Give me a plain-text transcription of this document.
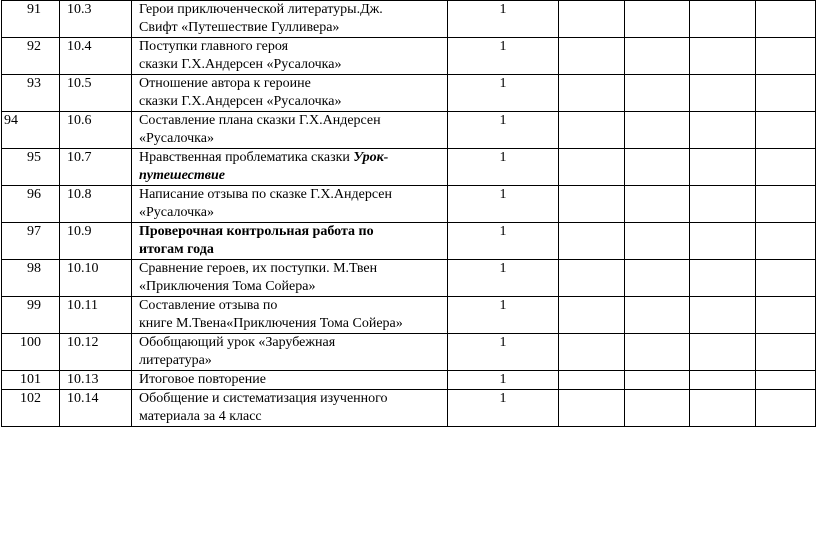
91	10.3	Герои приключенческой литературы.Дж.
Свифт «Путешествие Гулливера»	1				
92	10.4	Поступки главного героя
сказки Г.Х.Андерсен «Русалочка»	1				
93	10.5	Отношение автора к героине
сказки Г.Х.Андерсен «Русалочка»	1				
94	10.6	Составление плана сказки Г.Х.Андерсен
«Русалочка»	1				
95	10.7	Нравственная проблематика сказки Урок-
путешествие	1				
96	10.8	Написание отзыва по сказке Г.Х.Андерсен
«Русалочка»	1				
97	10.9	Проверочная контрольная работа по
итогам года	1				
98	10.10	Сравнение героев, их поступки. М.Твен
«Приключения Тома Сойера»	1				
99	10.11	Составление отзыва по
книге М.Твена«Приключения Тома Сойера»	1				
100	10.12	Обобщающий урок «Зарубежная
литература»	1				
101	10.13	Итоговое повторение	1				
102	10.14	Обобщение и систематизация изученного
материала за 4 класс	1				
